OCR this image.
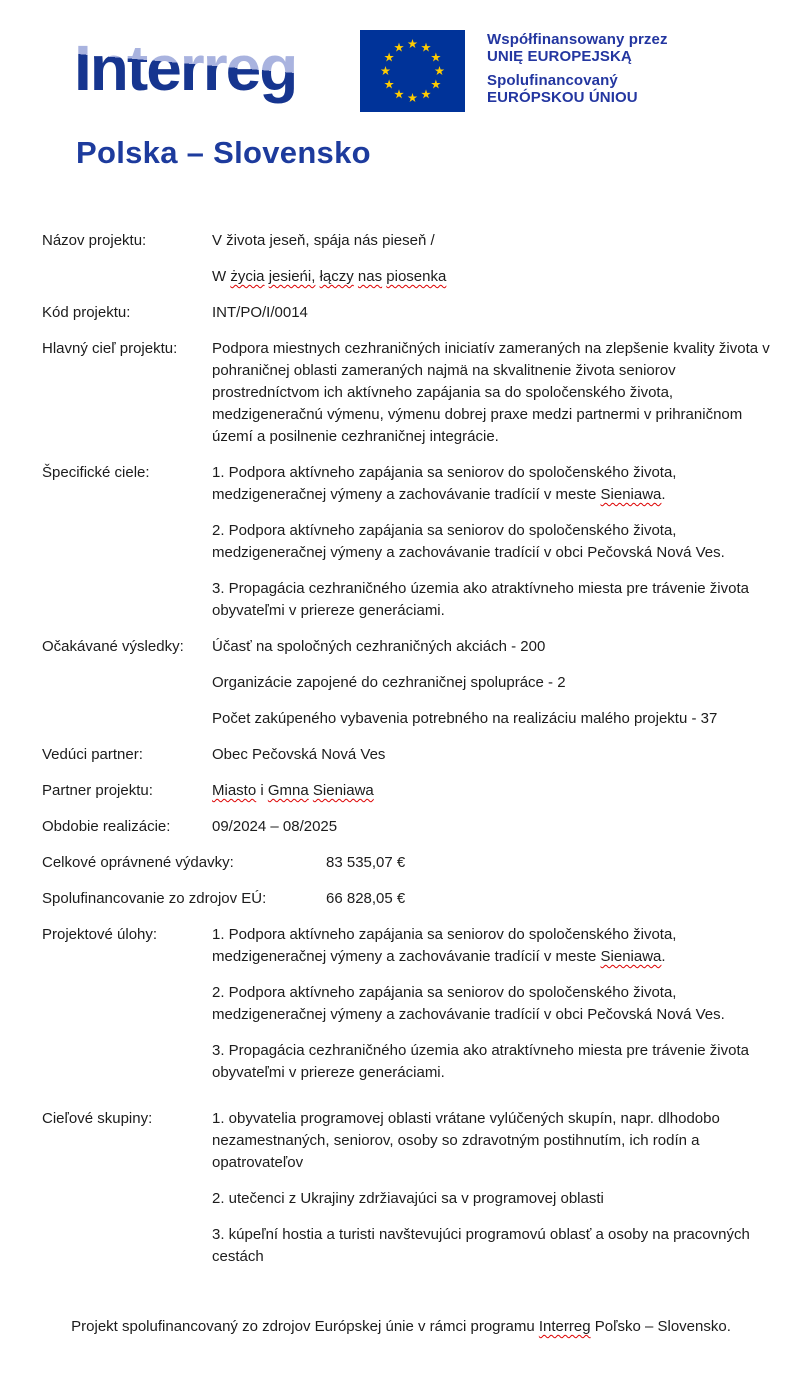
Interreg	Współfinansowany przez
UNIĘ EUROPEJSKĄ
Spolufinancovaný
EURÓPSKOU ÚNIOU
Polska – Slovensko
Názov projektu:	V života jeseň, spája nás pieseň /

W życia jesieńi, łączy nas piosenka

Kód projektu:	INT/PO/I/0014

Hlavný cieľ projektu:	Podpora miestnych cezhraničných iniciatív zameraných na zlepšenie kvality života v pohraničnej oblasti zameraných najmä na skvalitnenie života seniorov prostredníctvom ich aktívneho zapájania sa do spoločenského života, medzigeneračnú výmenu, výmenu dobrej praxe medzi partnermi v prihraničnom území a posilnenie cezhraničnej integrácie.

Špecifické ciele:	1. Podpora aktívneho zapájania sa seniorov do spoločenského života, medzigeneračnej výmeny a zachovávanie tradícií v meste Sieniawa.

2. Podpora aktívneho zapájania sa seniorov do spoločenského života, medzigeneračnej výmeny a zachovávanie tradícií v obci Pečovská Nová Ves.

3. Propagácia cezhraničného územia ako atraktívneho miesta pre trávenie života obyvateľmi v priereze generáciami.

Očakávané výsledky:	Účasť na spoločných cezhraničných akciách - 200

Organizácie zapojené do cezhraničnej spolupráce - 2

Počet zakúpeného vybavenia potrebného na realizáciu malého projektu - 37

Vedúci partner:	Obec Pečovská Nová Ves

Partner projektu:	Miasto i Gmna Sieniawa

Obdobie realizácie:	09/2024 – 08/2025

Celkové oprávnené výdavky:	83 535,07 €

Spolufinancovanie zo zdrojov EÚ:	66 828,05 €

Projektové úlohy:	1. Podpora aktívneho zapájania sa seniorov do spoločenského života, medzigeneračnej výmeny a zachovávanie tradícií v meste Sieniawa.

2. Podpora aktívneho zapájania sa seniorov do spoločenského života, medzigeneračnej výmeny a zachovávanie tradícií v obci Pečovská Nová Ves.

3. Propagácia cezhraničného územia ako atraktívneho miesta pre trávenie života obyvateľmi v priereze generáciami.

Cieľové skupiny:	1. obyvatelia programovej oblasti vrátane vylúčených skupín, napr. dlhodobo nezamestnaných, seniorov, osoby so zdravotným postihnutím, ich rodín a opatrovateľov

2. utečenci z Ukrajiny zdržiavajúci sa v programovej oblasti

3. kúpeľní hostia a turisti navštevujúci programovú oblasť a osoby na pracovných cestách

Projekt spolufinancovaný zo zdrojov Európskej únie v rámci programu Interreg Poľsko – Slovensko.
